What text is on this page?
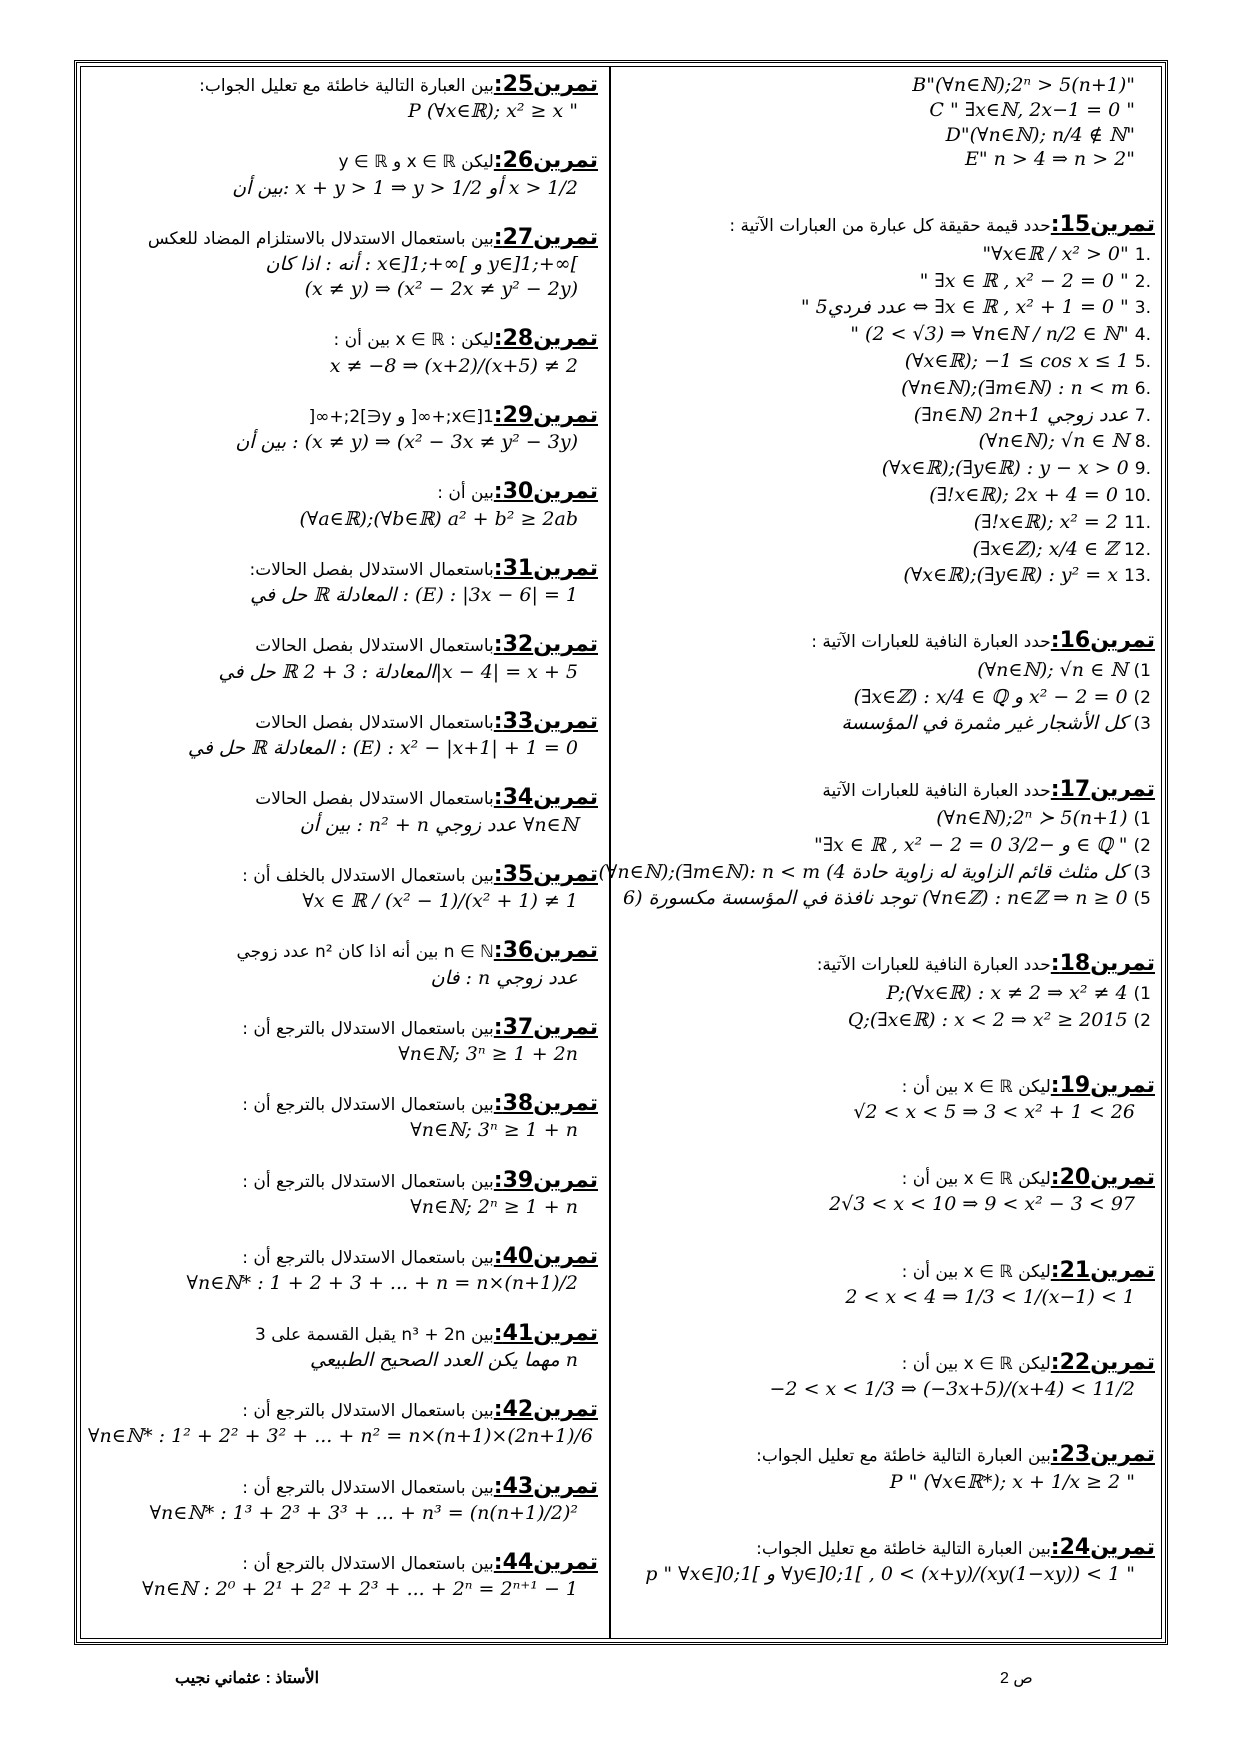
B"(∀n∈ℕ);2ⁿ > 5(n+1)"
C " ∃x∈ℕ, 2x−1 = 0 "
D"(∀n∈ℕ); n/4 ∉ ℕ"
E" n > 4 ⇒ n > 2"
تمرين15:حدد قيمة حقيقة كل عبارة من العبارات الآتية :
1."∀x∈ℝ / x² > 0"
2." ∃x ∈ ℝ , x² − 2 = 0 "
3." 5عدد فردي ⇔ ∃x ∈ ℝ , x² + 1 = 0 "
4." (2 < √3) ⇒ ∀n∈ℕ / n/2 ∈ ℕ"
5.(∀x∈ℝ); −1 ≤ cos x ≤ 1
6.(∀n∈ℕ);(∃m∈ℕ) : n < m
7.(∃n∈ℕ) 2n+1 عدد زوجي
8.(∀n∈ℕ); √n ∈ ℕ
9.(∀x∈ℝ);(∃y∈ℝ) : y − x > 0
10.(∃!x∈ℝ); 2x + 4 = 0
11.(∃!x∈ℝ); x² = 2
12.(∃x∈ℤ); x/4 ∈ ℤ
13.(∀x∈ℝ);(∃y∈ℝ) : y² = x
تمرين16:حدد العبارة النافية للعبارات الآتية :
(1(∀n∈ℕ); √n ∈ ℕ
(2(∃x∈ℤ) : x/4 ∈ ℚ و x² − 2 = 0
(3كل الأشجار غير مثمرة في المؤسسة
تمرين17:حدد العبارة النافية للعبارات الآتية
(1(∀n∈ℕ);2ⁿ ≻ 5(n+1)
(2"∃x ∈ ℝ , x² − 2 = 0 و −3/2 ∈ ℚ "
(3(∀n∈ℕ);(∃m∈ℕ): n < m (4 كل مثلث قائم الزاوية له زاوية حادة
(5توجد نافذة في المؤسسة مكسورة (6 (∀n∈ℤ) : n∈ℤ ⇒ n ≥ 0
تمرين18:حدد العبارة النافية للعبارات الآتية:
(1P;(∀x∈ℝ) : x ≠ 2 ⇒ x² ≠ 4
(2Q;(∃x∈ℝ) : x < 2 ⇒ x² ≥ 2015
تمرين19:ليكن x ∈ ℝ بين أن :
√2 < x < 5 ⇒ 3 < x² + 1 < 26
تمرين20:ليكن x ∈ ℝ بين أن :
2√3 < x < 10 ⇒ 9 < x² − 3 < 97
تمرين21:ليكن x ∈ ℝ بين أن :
2 < x < 4 ⇒ 1/3 < 1/(x−1) < 1
تمرين22:ليكن x ∈ ℝ بين أن :
−2 < x < 1/3 ⇒ (−3x+5)/(x+4) < 11/2
تمرين23:بين العبارة التالية خاطئة مع تعليل الجواب:
P " (∀x∈ℝ*); x + 1/x ≥ 2 "
تمرين24:بين العبارة التالية خاطئة مع تعليل الجواب:
p " ∀x∈]0;1[ و ∀y∈]0;1[ , 0 < (x+y)/(xy(1−xy)) < 1 "
تمرين25:بين العبارة التالية خاطئة مع تعليل الجواب:
P (∀x∈ℝ); x² ≥ x "
تمرين26:ليكن x ∈ ℝ و y ∈ ℝ
بين أن: x + y > 1 ⇒ y > 1/2 أو x > 1/2
تمرين27:بين باستعمال الاستدلال بالاستلزام المضاد للعكس
أنه : اذا كان : x∈]1;+∞[ و y∈]1;+∞[
(x ≠ y) ⇒ (x² − 2x ≠ y² − 2y)
تمرين28:ليكن : x ∈ ℝ بين أن :
x ≠ −8 ⇒ (x+2)/(x+5) ≠ 2
تمرين29:x∈]1;+∞[ و y∈]2;+∞[
بين أن : (x ≠ y) ⇒ (x² − 3x ≠ y² − 3y)
تمرين30:بين أن :
(∀a∈ℝ);(∀b∈ℝ) a² + b² ≥ 2ab
تمرين31:باستعمال الاستدلال بفصل الحالات:
حل في ℝ المعادلة : (E) : |3x − 6| = 1
تمرين32:باستعمال الاستدلال بفصل الحالات
حل في ℝ المعادلة : 3 + 2|x − 4| = x + 5
تمرين33:باستعمال الاستدلال بفصل الحالات
حل في ℝ المعادلة : (E) : x² − |x+1| + 1 = 0
تمرين34:باستعمال الاستدلال بفصل الحالات
بين أن : n² + n عدد زوجي ∀n∈ℕ
تمرين35:بين باستعمال الاستدلال بالخلف أن :
∀x ∈ ℝ / (x² − 1)/(x² + 1) ≠ 1
تمرين36:n ∈ ℕ بين أنه اذا كان n² عدد زوجي
فان : n عدد زوجي
تمرين37:بين باستعمال الاستدلال بالترجع أن :
∀n∈ℕ; 3ⁿ ≥ 1 + 2n
تمرين38:بين باستعمال الاستدلال بالترجع أن :
∀n∈ℕ; 3ⁿ ≥ 1 + n
تمرين39:بين باستعمال الاستدلال بالترجع أن :
∀n∈ℕ; 2ⁿ ≥ 1 + n
تمرين40:بين باستعمال الاستدلال بالترجع أن :
∀n∈ℕ* : 1 + 2 + 3 + ... + n = n×(n+1)/2
تمرين41:بين n³ + 2n يقبل القسمة على 3
مهما يكن العدد الصحيح الطبيعي n
تمرين42:بين باستعمال الاستدلال بالترجع أن :
∀n∈ℕ* : 1² + 2² + 3² + ... + n² = n×(n+1)×(2n+1)/6
تمرين43:بين باستعمال الاستدلال بالترجع أن :
∀n∈ℕ* : 1³ + 2³ + 3³ + ... + n³ = (n(n+1)/2)²
تمرين44:بين باستعمال الاستدلال بالترجع أن :
∀n∈ℕ : 2⁰ + 2¹ + 2² + 2³ + ... + 2ⁿ = 2ⁿ⁺¹ − 1
الأستاذ : عثماني نجيب	ص 2
